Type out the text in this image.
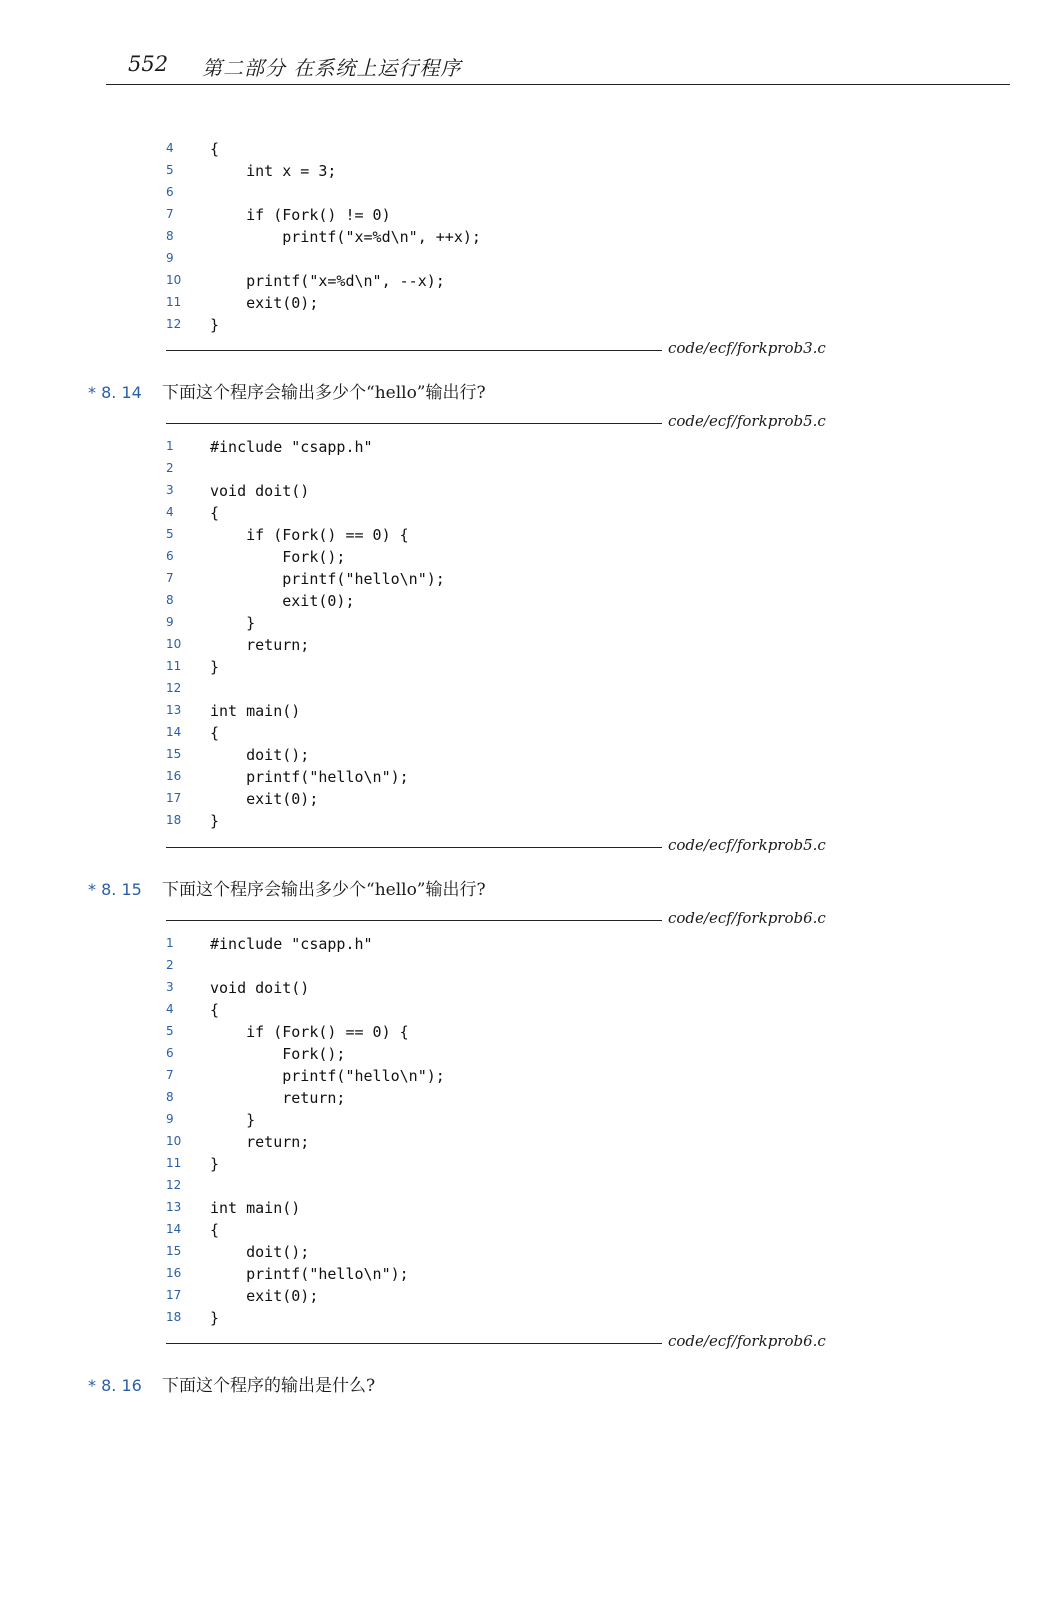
552 第二部分 在系统上运行程序
4	{
5	int x = 3;
6
7	if (Fork() != 0)
8	printf("x=%d\n", ++x);
9
10	printf("x=%d\n", --x);
11	exit(0);
12	}
code/ecf/forkprob3.c
* 8. 14 下面这个程序会输出多少个“hello”输出行?
code/ecf/forkprob5.c
1	#include "csapp.h"
2
3	void doit()
4	{
5	if (Fork() == 0) {
6	Fork();
7	printf("hello\n");
8	exit(0);
9	}
10	return;
11	}
12
13	int main()
14	{
15	doit();
16	printf("hello\n");
17	exit(0);
18	}
code/ecf/forkprob5.c
* 8. 15 下面这个程序会输出多少个“hello”输出行?
code/ecf/forkprob6.c
1	#include "csapp.h"
2
3	void doit()
4	{
5	if (Fork() == 0) {
6	Fork();
7	printf("hello\n");
8	return;
9	}
10	return;
11	}
12
13	int main()
14	{
15	doit();
16	printf("hello\n");
17	exit(0);
18	}
code/ecf/forkprob6.c
* 8. 16 下面这个程序的输出是什么?
